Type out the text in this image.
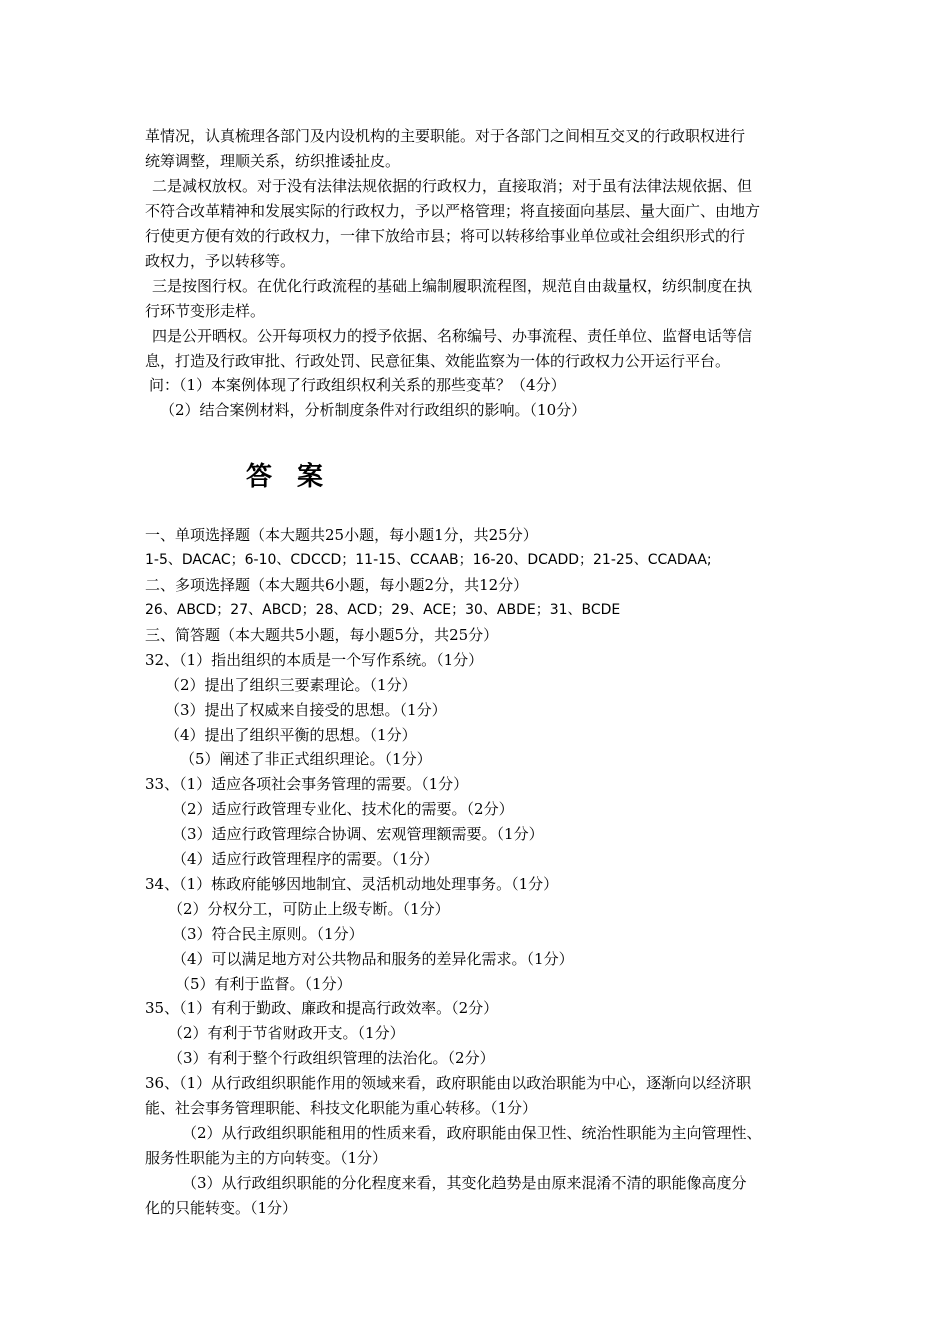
革情况，认真梳理各部门及内设机构的主要职能。对于各部门之间相互交叉的行政职权进行
统筹调整，理顺关系，纺织推诿扯皮。
二是减权放权。对于没有法律法规依据的行政权力，直接取消；对于虽有法律法规依据、但
不符合改革精神和发展实际的行政权力，予以严格管理；将直接面向基层、量大面广、由地方
行使更方便有效的行政权力，一律下放给市县；将可以转移给事业单位或社会组织形式的行
政权力，予以转移等。
三是按图行权。在优化行政流程的基础上编制履职流程图，规范自由裁量权，纺织制度在执
行环节变形走样。
四是公开晒权。公开每项权力的授予依据、名称编号、办事流程、责任单位、监督电话等信
息，打造及行政审批、行政处罚、民意征集、效能监察为一体的行政权力公开运行平台。
问：（1）本案例体现了行政组织权利关系的那些变革？（4分）
（2）结合案例材料，分析制度条件对行政组织的影响。（10分）
答 案
一、单项选择题（本大题共25小题，每小题1分，共25分）
1-5、DACAC；6-10、CDCCD；11-15、CCAAB；16-20、DCADD；21-25、CCADAA;
二、多项选择题（本大题共6小题，每小题2分，共12分）
26、ABCD；27、ABCD；28、ACD；29、ACE；30、ABDE；31、BCDE
三、简答题（本大题共5小题，每小题5分，共25分）
32、（1）指出组织的本质是一个写作系统。（1分）
（2）提出了组织三要素理论。（1分）
（3）提出了权威来自接受的思想。（1分）
（4）提出了组织平衡的思想。（1分）
（5）阐述了非正式组织理论。（1分）
33、（1）适应各项社会事务管理的需要。（1分）
（2）适应行政管理专业化、技术化的需要。（2分）
（3）适应行政管理综合协调、宏观管理额需要。（1分）
（4）适应行政管理程序的需要。（1分）
34、（1）栋政府能够因地制宜、灵活机动地处理事务。（1分）
（2）分权分工，可防止上级专断。（1分）
（3）符合民主原则。（1分）
（4）可以满足地方对公共物品和服务的差异化需求。（1分）
（5）有利于监督。（1分）
35、（1）有利于勤政、廉政和提高行政效率。（2分）
（2）有利于节省财政开支。（1分）
（3）有利于整个行政组织管理的法治化。（2分）
36、（1）从行政组织职能作用的领域来看，政府职能由以政治职能为中心，逐渐向以经济职
能、社会事务管理职能、科技文化职能为重心转移。（1分）
（2）从行政组织职能租用的性质来看，政府职能由保卫性、统治性职能为主向管理性、
服务性职能为主的方向转变。（1分）
（3）从行政组织职能的分化程度来看，其变化趋势是由原来混淆不清的职能像高度分
化的只能转变。（1分）
